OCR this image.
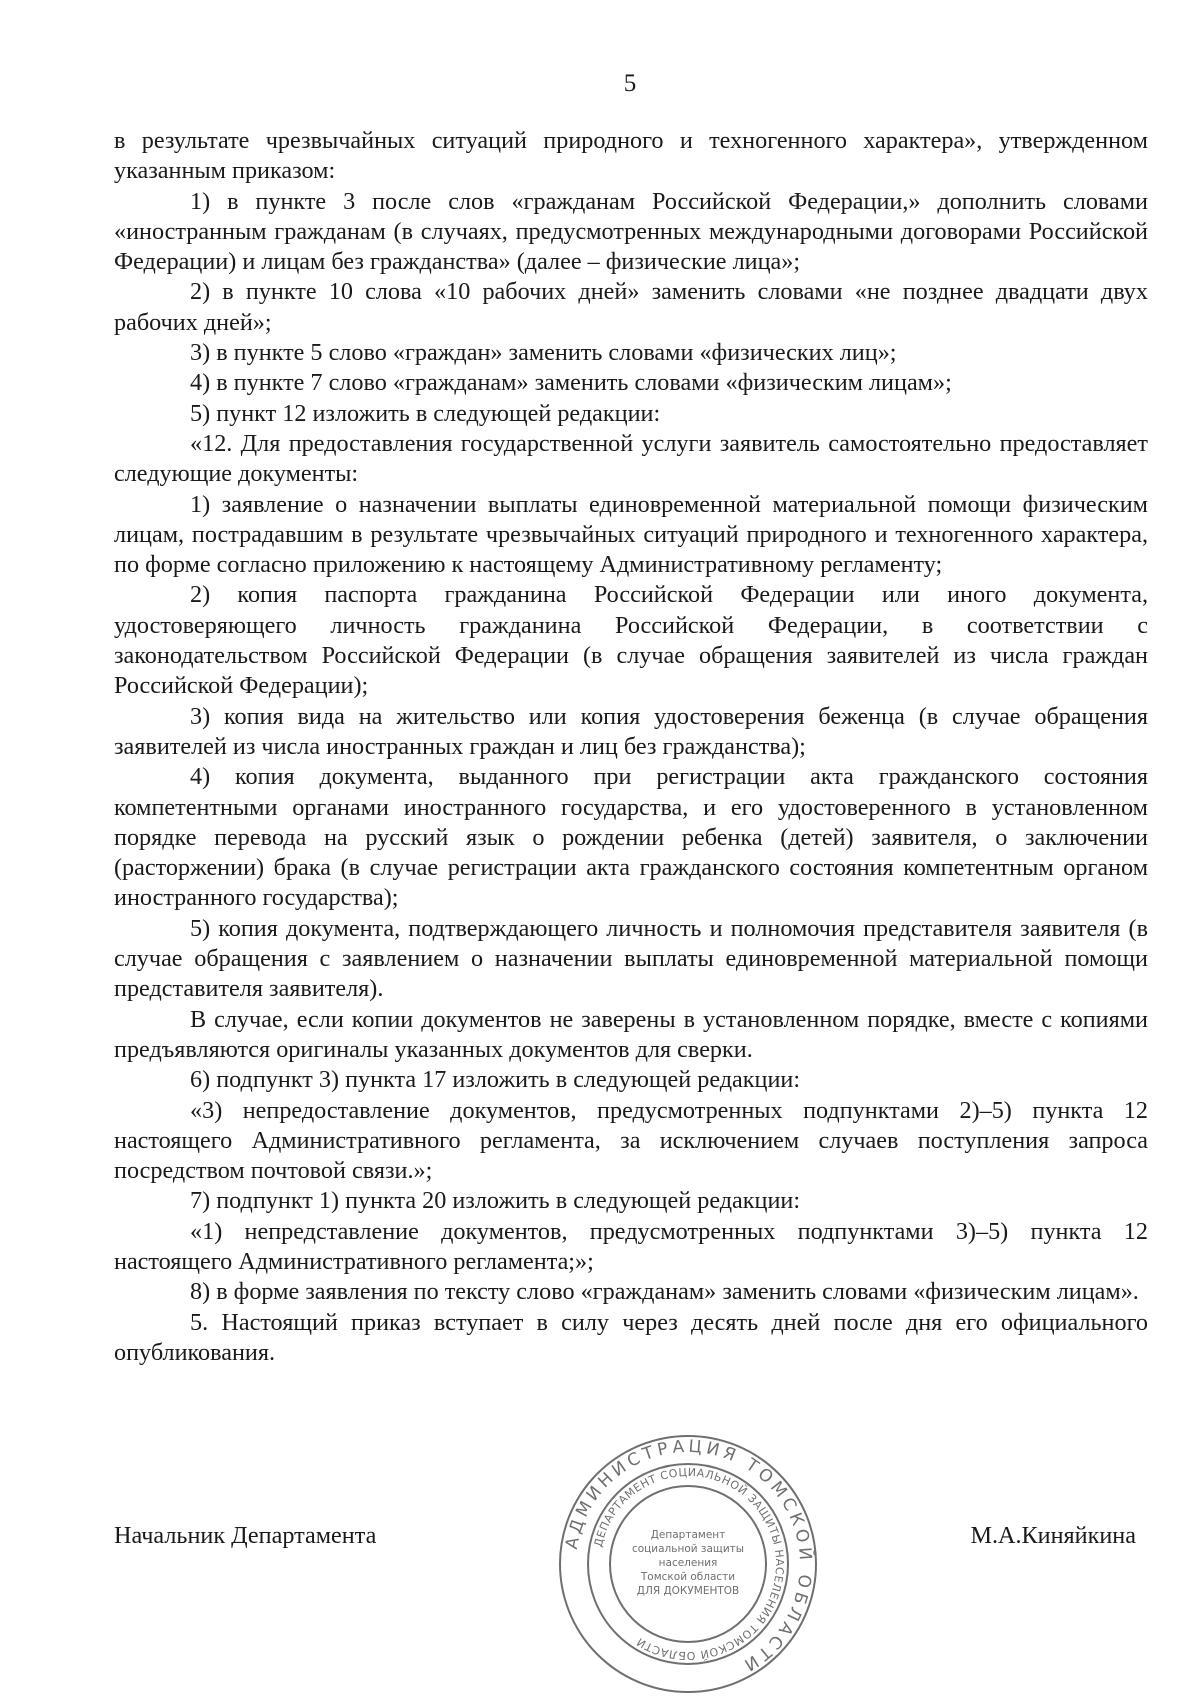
5

в результате чрезвычайных ситуаций природного и техногенного характера», утвержденном указанным приказом:

1) в пункте 3 после слов «гражданам Российской Федерации,» дополнить словами «иностранным гражданам (в случаях, предусмотренных международными договорами Российской Федерации) и лицам без гражданства» (далее – физические лица»;

2) в пункте 10 слова «10 рабочих дней» заменить словами «не позднее двадцати двух рабочих дней»;

3) в пункте 5 слово «граждан» заменить словами «физических лиц»;

4) в пункте 7 слово «гражданам» заменить словами «физическим лицам»;

5) пункт 12 изложить в следующей редакции:

«12. Для предоставления государственной услуги заявитель самостоятельно предоставляет следующие документы:

1) заявление о назначении выплаты единовременной материальной помощи физическим лицам, пострадавшим в результате чрезвычайных ситуаций природного и техногенного характера, по форме согласно приложению к настоящему Административному регламенту;

2) копия паспорта гражданина Российской Федерации или иного документа, удостоверяющего личность гражданина Российской Федерации, в соответствии с законодательством Российской Федерации (в случае обращения заявителей из числа граждан Российской Федерации);

3) копия вида на жительство или копия удостоверения беженца (в случае обращения заявителей из числа иностранных граждан и лиц без гражданства);

4) копия документа, выданного при регистрации акта гражданского состояния компетентными органами иностранного государства, и его удостоверенного в установленном порядке перевода на русский язык о рождении ребенка (детей) заявителя, о заключении (расторжении) брака (в случае регистрации акта гражданского состояния компетентным органом иностранного государства);

5) копия документа, подтверждающего личность и полномочия представителя заявителя (в случае обращения с заявлением о назначении выплаты единовременной материальной помощи представителя заявителя).

В случае, если копии документов не заверены в установленном порядке, вместе с копиями предъявляются оригиналы указанных документов для сверки.

6) подпункт 3) пункта 17 изложить в следующей редакции:

«3) непредоставление документов, предусмотренных подпунктами 2)–5) пункта 12 настоящего Административного регламента, за исключением случаев поступления запроса посредством почтовой связи.»;

7) подпункт 1) пункта 20 изложить в следующей редакции:

«1) непредставление документов, предусмотренных подпунктами 3)–5) пункта 12 настоящего Административного регламента;»;

8) в форме заявления по тексту слово «гражданам» заменить словами «физическим лицам».

5. Настоящий приказ вступает в силу через десять дней после дня его официального опубликования.

Начальник Департамента	М.А.Киняйкина
АДМИНИСТРАЦИЯ ТОМСКОЙ ОБЛАСТИ
ДЕПАРТАМЕНТ СОЦИАЛЬНОЙ ЗАЩИТЫ НАСЕЛЕНИЯ ТОМСКОЙ ОБЛАСТИ
Департамент
социальной защиты
населения
Томской области
ДЛЯ ДОКУМЕНТОВ
